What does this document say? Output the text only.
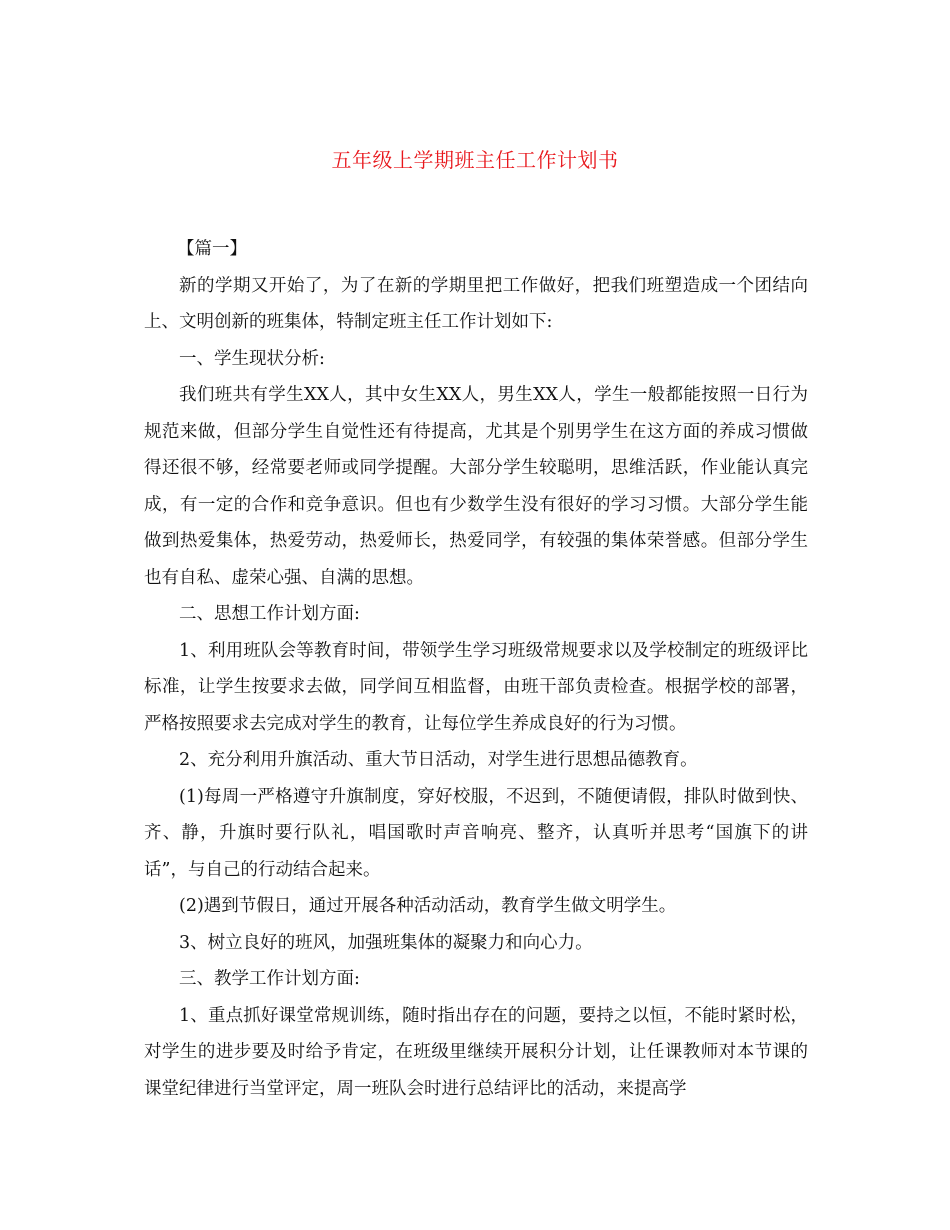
五年级上学期班主任工作计划书

【篇一】

新的学期又开始了，为了在新的学期里把工作做好，把我们班塑造成一个团结向上、文明创新的班集体，特制定班主任工作计划如下:

一、学生现状分析:

我们班共有学生XX人，其中女生XX人，男生XX人，学生一般都能按照一日行为规范来做，但部分学生自觉性还有待提高，尤其是个别男学生在这方面的养成习惯做得还很不够，经常要老师或同学提醒。大部分学生较聪明，思维活跃，作业能认真完成，有一定的合作和竞争意识。但也有少数学生没有很好的学习习惯。大部分学生能做到热爱集体，热爱劳动，热爱师长，热爱同学，有较强的集体荣誉感。但部分学生也有自私、虚荣心强、自满的思想。

二、思想工作计划方面:

1、利用班队会等教育时间，带领学生学习班级常规要求以及学校制定的班级评比标准，让学生按要求去做，同学间互相监督，由班干部负责检查。根据学校的部署，严格按照要求去完成对学生的教育，让每位学生养成良好的行为习惯。

2、充分利用升旗活动、重大节日活动，对学生进行思想品德教育。

(1)每周一严格遵守升旗制度，穿好校服，不迟到，不随便请假，排队时做到快、齐、静，升旗时要行队礼，唱国歌时声音响亮、整齐，认真听并思考“国旗下的讲话”，与自己的行动结合起来。

(2)遇到节假日，通过开展各种活动活动，教育学生做文明学生。

3、树立良好的班风，加强班集体的凝聚力和向心力。

三、教学工作计划方面:

1、重点抓好课堂常规训练，随时指出存在的问题，要持之以恒，不能时紧时松，对学生的进步要及时给予肯定，在班级里继续开展积分计划，让任课教师对本节课的课堂纪律进行当堂评定，周一班队会时进行总结评比的活动，来提高学
